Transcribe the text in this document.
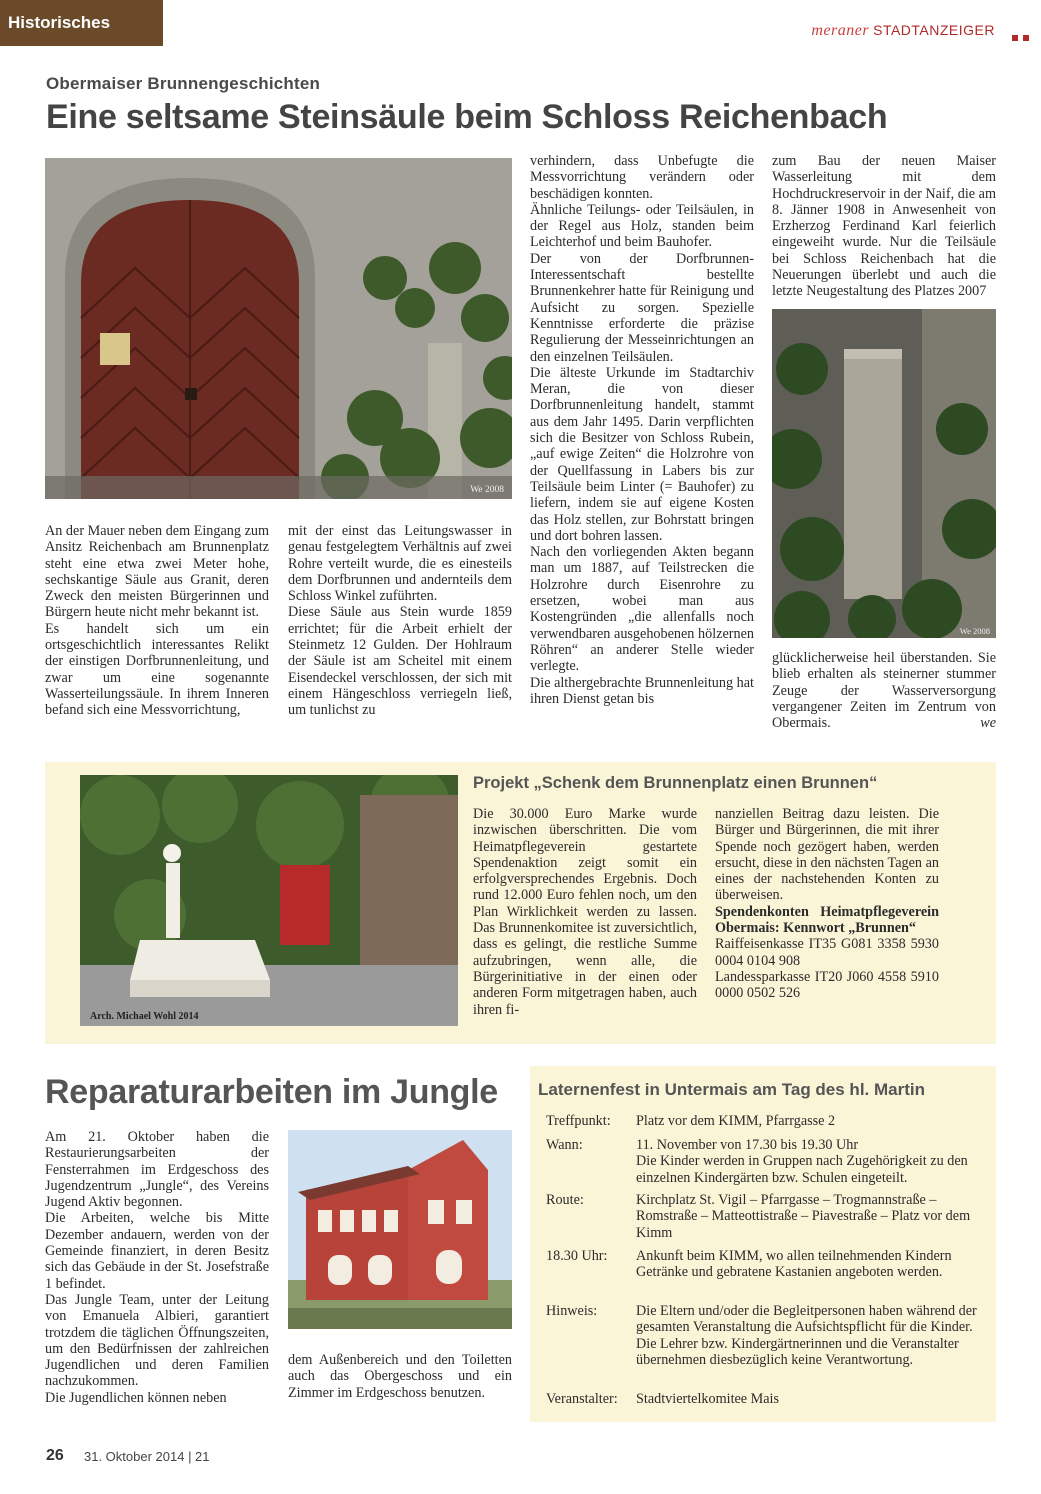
Historisches	meraner STADTANZEIGER
Obermaiser Brunnengeschichten
Eine seltsame Steinsäule beim Schloss Reichenbach
We 2008

An der Mauer neben dem Eingang zum Ansitz Reichenbach am Brunnenplatz steht eine etwa zwei Meter hohe, sechskantige Säule aus Granit, deren Zweck den meisten Bürgerinnen und Bürgern heute nicht mehr bekannt ist.

Es handelt sich um ein ortsgeschichtlich interessantes Relikt der einstigen Dorfbrunnenleitung, und zwar um eine sogenannte Wasserteilungssäule. In ihrem Inneren befand sich eine Messvorrichtung,

mit der einst das Leitungswasser in genau festgelegtem Verhältnis auf zwei Rohre verteilt wurde, die es einesteils dem Dorfbrunnen und andernteils dem Schloss Winkel zuführten.

Diese Säule aus Stein wurde 1859 errichtet; für die Arbeit erhielt der Steinmetz 12 Gulden. Der Hohlraum der Säule ist am Scheitel mit einem Eisendeckel verschlossen, der sich mit einem Hängeschloss verriegeln ließ, um tunlichst zu

verhindern, dass Unbefugte die Messvorrichtung verändern oder beschädigen konnten.

Ähnliche Teilungs- oder Teilsäulen, in der Regel aus Holz, standen beim Leichterhof und beim Bauhofer.

Der von der Dorfbrunnen-Interessentschaft bestellte Brunnenkehrer hatte für Reinigung und Aufsicht zu sorgen. Spezielle Kenntnisse erforderte die präzise Regulierung der Messeinrichtungen an den einzelnen Teilsäulen.

Die älteste Urkunde im Stadtarchiv Meran, die von dieser Dorfbrunnenleitung handelt, stammt aus dem Jahr 1495. Darin verpflichten sich die Besitzer von Schloss Rubein, „auf ewige Zeiten“ die Holzrohre von der Quellfassung in Labers bis zur Teilsäule beim Linter (= Bauhofer) zu liefern, indem sie auf eigene Kosten das Holz stellen, zur Bohrstatt bringen und dort bohren lassen.

Nach den vorliegenden Akten begann man um 1887, auf Teilstrecken die Holzrohre durch Eisenrohre zu ersetzen, wobei man aus Kostengründen „die allenfalls noch verwendbaren ausgehobenen hölzernen Röhren“ an anderer Stelle wieder verlegte.

Die althergebrachte Brunnenleitung hat ihren Dienst getan bis

zum Bau der neuen Maiser Wasserleitung mit dem Hochdruckreservoir in der Naif, die am 8. Jänner 1908 in Anwesenheit von Erzherzog Ferdinand Karl feierlich eingeweiht wurde. Nur die Teilsäule bei Schloss Reichenbach hat die Neuerungen überlebt und auch die letzte Neugestaltung des Platzes 2007

We 2008

glücklicherweise heil überstanden. Sie blieb erhalten als steinerner stummer Zeuge der Wasserversorgung vergangener Zeiten im Zentrum von Obermais.	we

Arch. Michael Wohl 2014
Projekt „Schenk dem Brunnenplatz einen Brunnen“

Die 30.000 Euro Marke wurde inzwischen überschritten. Die vom Heimatpflegeverein gestartete Spendenaktion zeigt somit ein erfolgversprechendes Ergebnis. Doch rund 12.000 Euro fehlen noch, um den Plan Wirklichkeit werden zu lassen. Das Brunnenkomitee ist zuversichtlich, dass es gelingt, die restliche Summe aufzubringen, wenn alle, die Bürgerinitiative in der einen oder anderen Form mitgetragen haben, auch ihren fi-

nanziellen Beitrag dazu leisten. Die Bürger und Bürgerinnen, die mit ihrer Spende noch gezögert haben, werden ersucht, diese in den nächsten Tagen an eines der nachstehenden Konten zu überweisen.

Spendenkonten Heimatpflegeverein Obermais: Kennwort „Brunnen“

Raiffeisenkasse IT35 G081 3358 5930 0004 0104 908

Landessparkasse IT20 J060 4558 5910 0000 0502 526

Reparaturarbeiten im Jungle

Am 21. Oktober haben die Restaurierungsarbeiten der Fensterrahmen im Erdgeschoss des Jugendzentrum „Jungle“, des Vereins Jugend Aktiv begonnen.

Die Arbeiten, welche bis Mitte Dezember andauern, werden von der Gemeinde finanziert, in deren Besitz sich das Gebäude in der St. Josefstraße 1 befindet.

Das Jungle Team, unter der Leitung von Emanuela Albieri, garantiert trotzdem die täglichen Öffnungszeiten, um den Bedürfnissen der zahlreichen Jugendlichen und deren Familien nachzukommen.

Die Jugendlichen können neben

dem Außenbereich und den Toiletten auch das Obergeschoss und ein Zimmer im Erdgeschoss benutzen.

Laternenfest in Untermais am Tag des hl. Martin
Treffpunkt:	Platz vor dem KIMM, Pfarrgasse 2
Wann:	11. November von 17.30 bis 19.30 Uhr
Die Kinder werden in Gruppen nach Zugehörigkeit zu den einzelnen Kindergärten bzw. Schulen eingeteilt.
Route:	Kirchplatz St. Vigil – Pfarrgasse – Trogmannstraße – Romstraße – Matteottistraße – Piavestraße – Platz vor dem Kimm
18.30 Uhr:	Ankunft beim KIMM, wo allen teilnehmenden Kindern Getränke und gebratene Kastanien angeboten werden.
Hinweis:	Die Eltern und/oder die Begleitpersonen haben während der gesamten Veranstaltung die Aufsichtspflicht für die Kinder. Die Lehrer bzw. Kindergärtnerinnen und die Veranstalter übernehmen diesbezüglich keine Verantwortung.
Veranstalter:	Stadtviertelkomitee Mais
26 31. Oktober 2014 | 21
